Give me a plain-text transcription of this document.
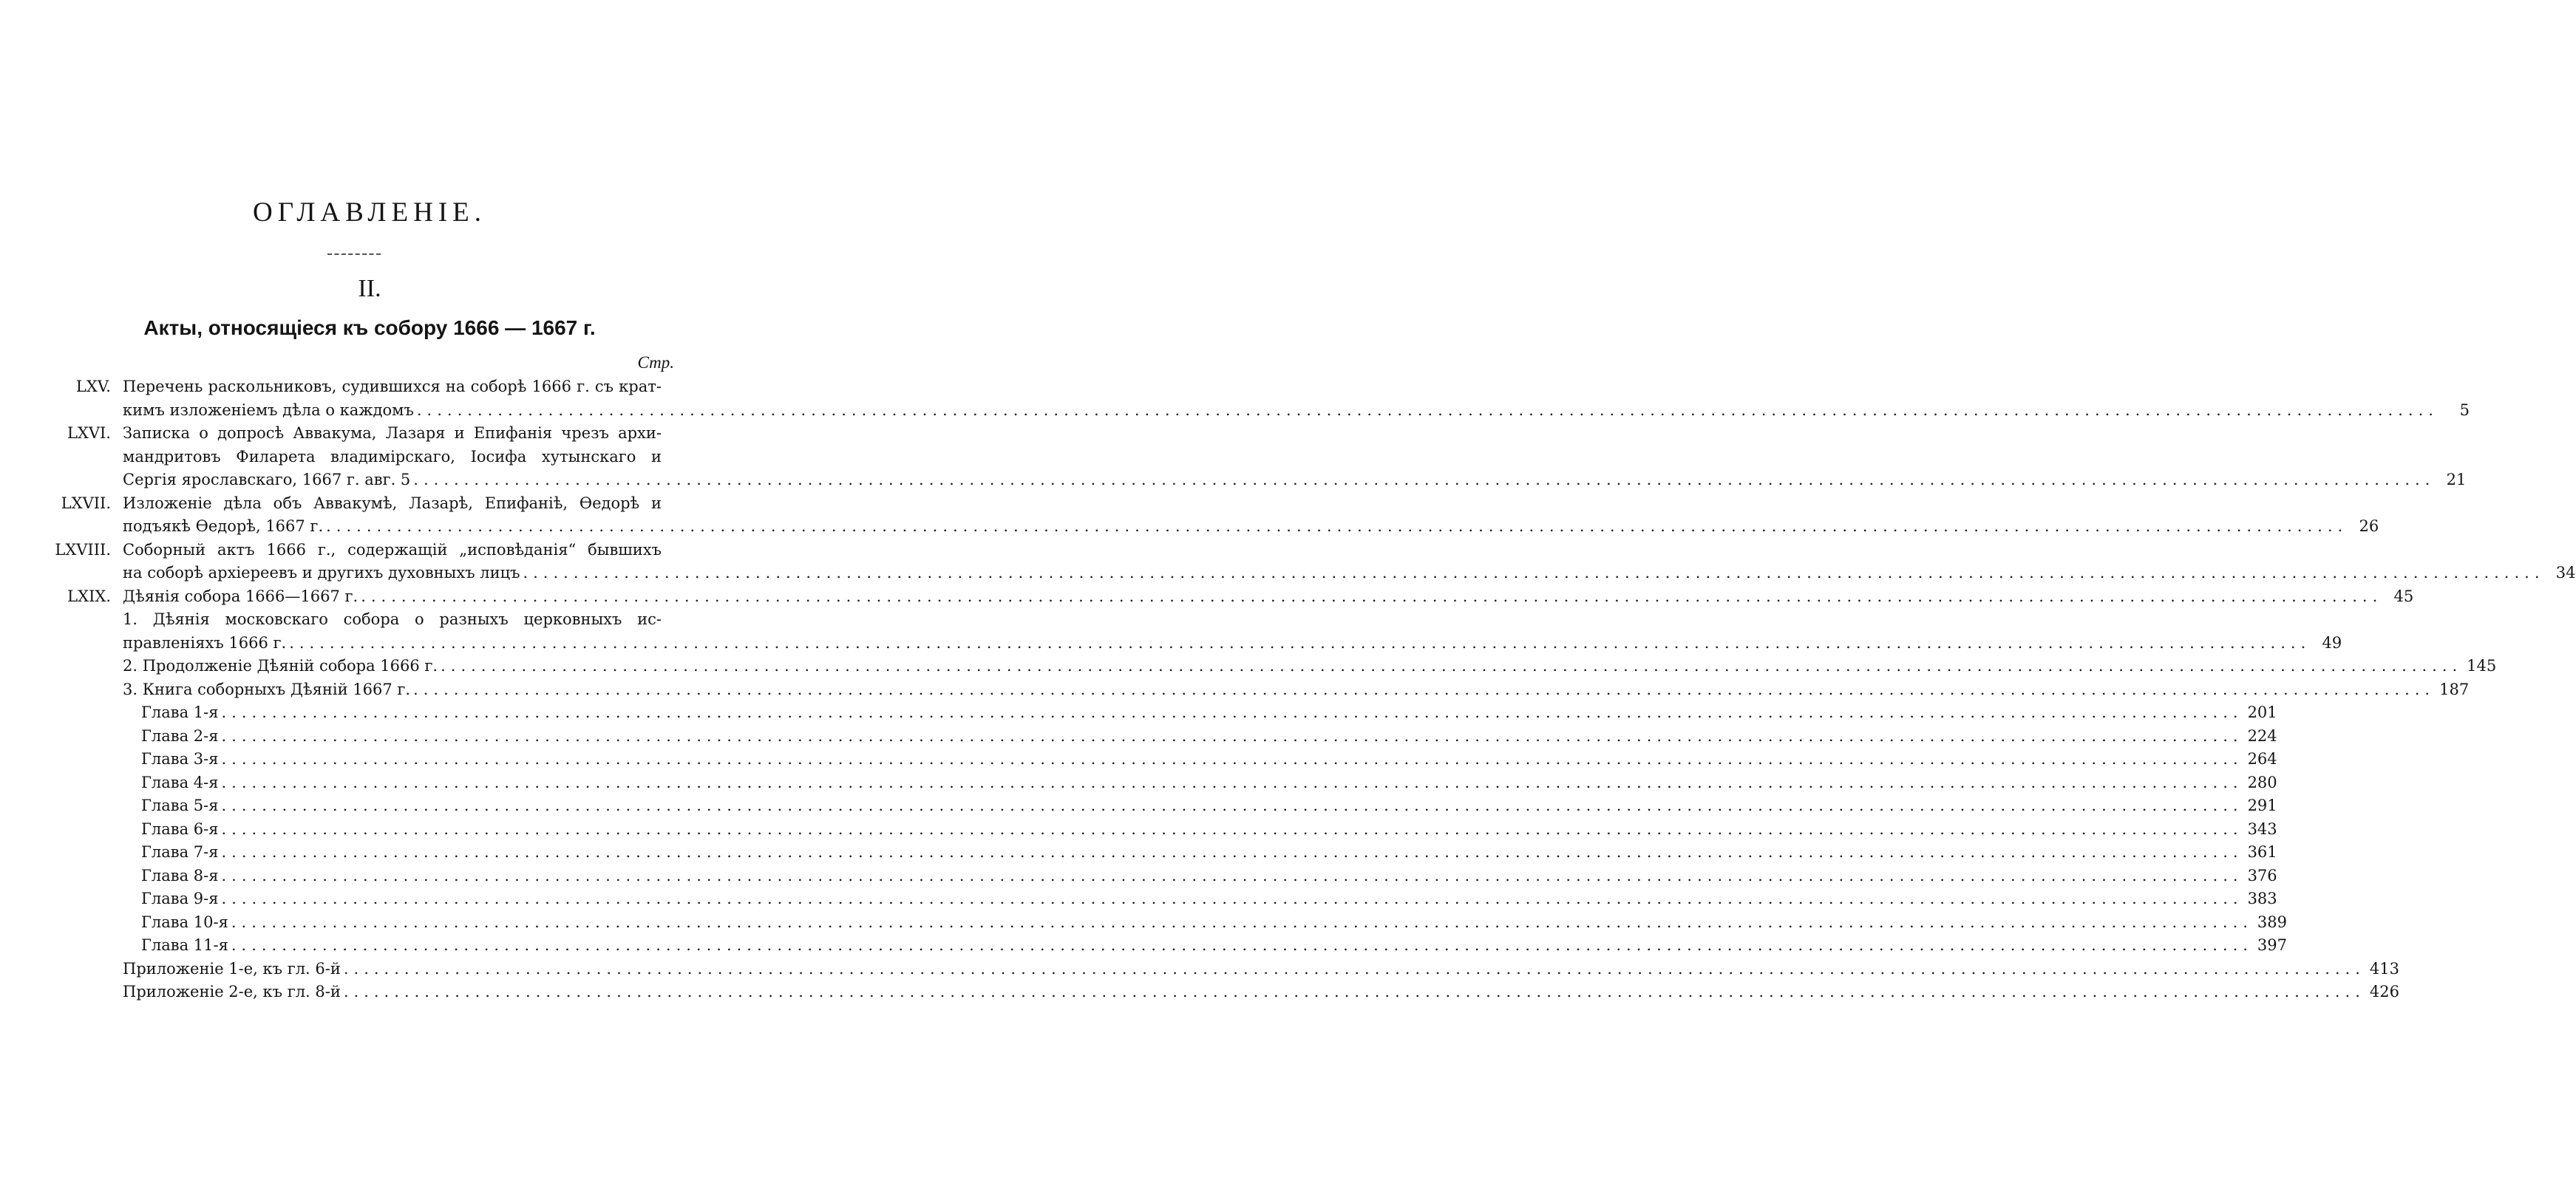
ОГЛАВЛЕНІЕ.
II.
Акты, относящіеся къ собору 1666 — 1667 г.
Стр.
LXV. Перечень раскольниковъ, судившихся на соборѣ 1666 г. съ крат-
кимъ изложеніемъ дѣла о каждомъ ........................................................................................................................................................................................................	5
LXVI. Записка о допросѣ Аввакума, Лазаря и Епифанія чрезъ архи-
мандритовъ Филарета владимірскаго, Іосифа хутынскаго и
Сергія ярославскаго, 1667 г. авг. 5 ........................................................................................................................................................................................................ 21
LXVII. Изложеніе дѣла объ Аввакумѣ, Лазарѣ, Епифаніѣ, Ѳедорѣ и
подъякѣ Ѳедорѣ, 1667 г. ........................................................................................................................................................................................................ 26
LXVIII. Соборный актъ 1666 г., содержащій „исповѣданія“ бывшихъ
на соборѣ архіереевъ и другихъ духовныхъ лицъ ........................................................................................................................................................................................................ 34
LXIX. Дѣянія собора 1666—1667 г. ........................................................................................................................................................................................................ 45
1. Дѣянія московскаго собора о разныхъ церковныхъ ис-
правленіяхъ 1666 г. ........................................................................................................................................................................................................ 49
2. Продолженіе Дѣяній собора 1666 г. ........................................................................................................................................................................................................ 145
3. Книга соборныхъ Дѣяній 1667 г. ........................................................................................................................................................................................................ 187
Глава 1-я ........................................................................................................................................................................................................ 201
Глава 2-я ........................................................................................................................................................................................................ 224
Глава 3-я ........................................................................................................................................................................................................ 264
Глава 4-я ........................................................................................................................................................................................................ 280
Глава 5-я ........................................................................................................................................................................................................ 291
Глава 6-я ........................................................................................................................................................................................................ 343
Глава 7-я ........................................................................................................................................................................................................ 361
Глава 8-я ........................................................................................................................................................................................................ 376
Глава 9-я ........................................................................................................................................................................................................ 383
Глава 10-я ........................................................................................................................................................................................................ 389
Глава 11-я ........................................................................................................................................................................................................ 397
Приложеніе 1-е, къ гл. 6-й ........................................................................................................................................................................................................ 413
Приложеніе 2-е, къ гл. 8-й ........................................................................................................................................................................................................ 426
